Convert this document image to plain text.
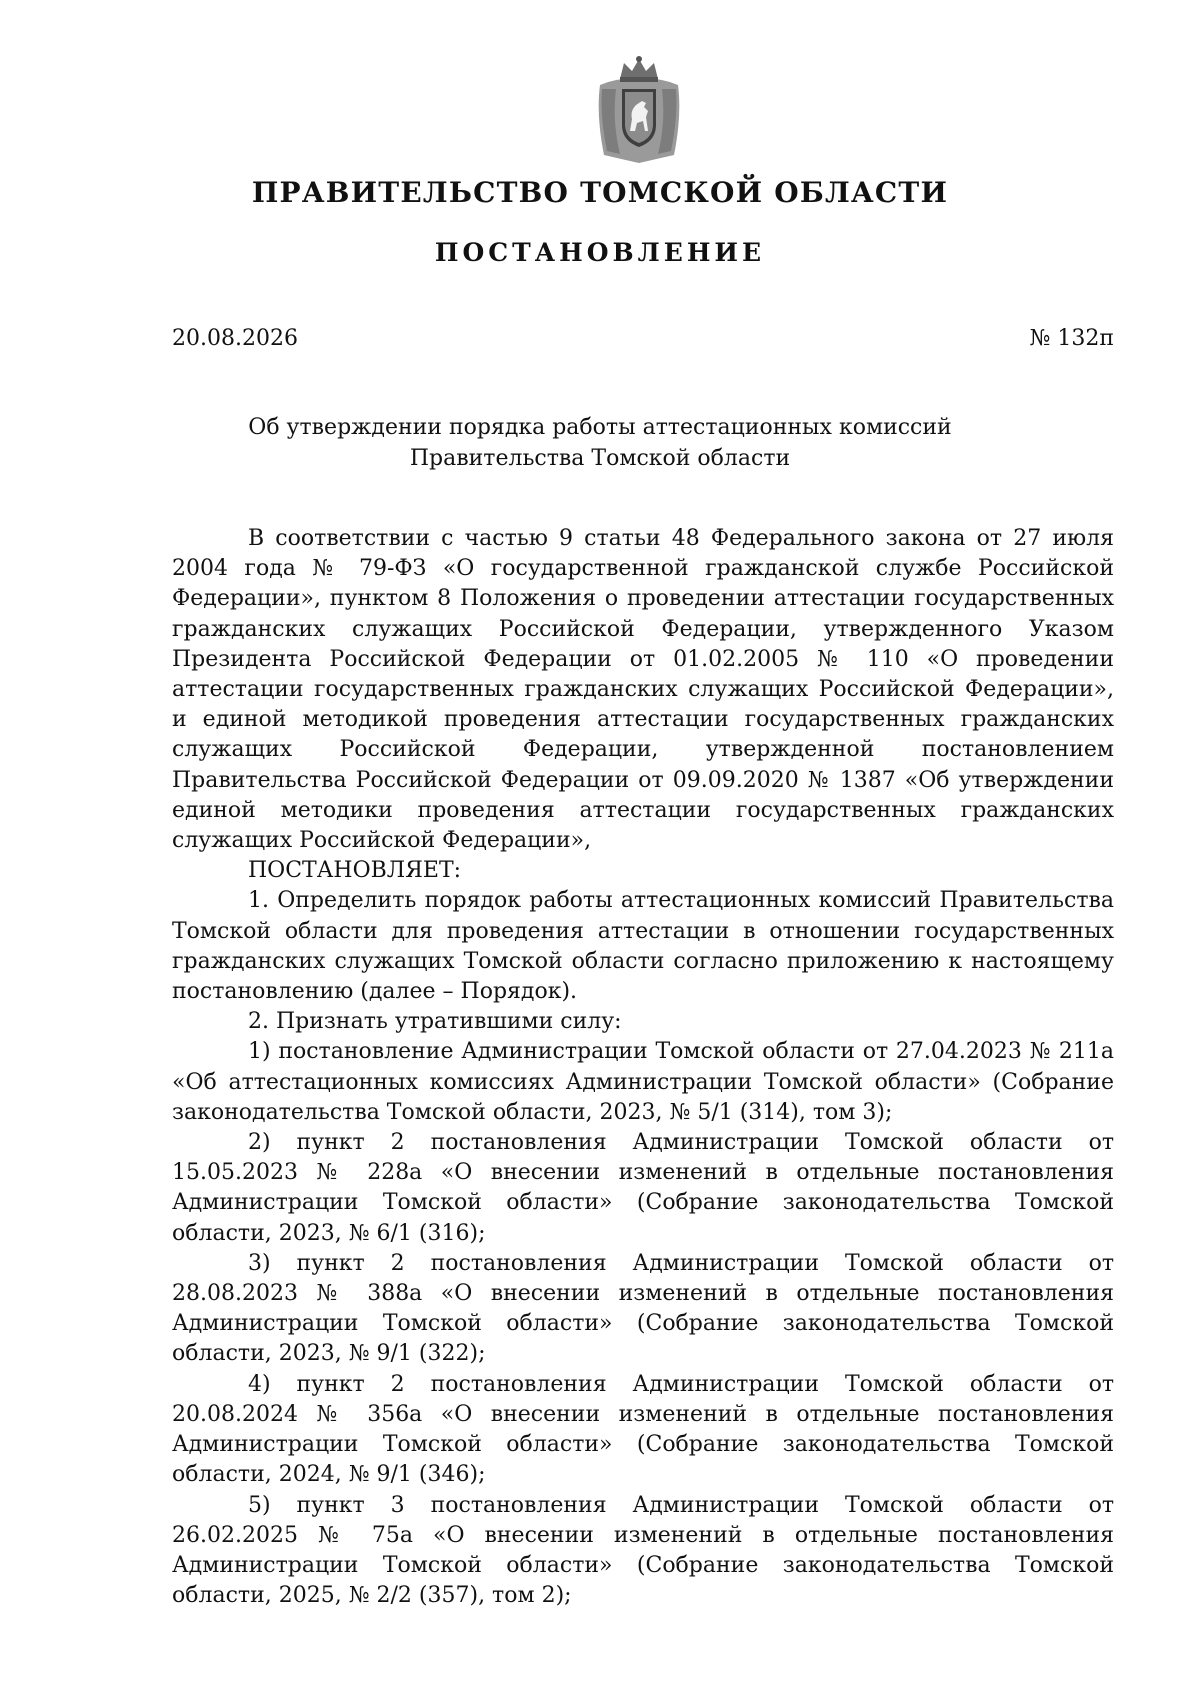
ПРАВИТЕЛЬСТВО ТОМСКОЙ ОБЛАСТИ
ПОСТАНОВЛЕНИЕ
20.08.2026	№ 132п
Об утверждении порядка работы аттестационных комиссий
Правительства Томской области

В соответствии с частью 9 статьи 48 Федерального закона от 27 июля 2004 года № 79-ФЗ «О государственной гражданской службе Российской Федерации», пунктом 8 Положения о проведении аттестации государственных гражданских служащих Российской Федерации, утвержденного Указом Президента Российской Федерации от 01.02.2005 № 110 «О проведении аттестации государственных гражданских служащих Российской Федерации», и единой методикой проведения аттестации государственных гражданских служащих Российской Федерации, утвержденной постановлением Правительства Российской Федерации от 09.09.2020 № 1387 «Об утверждении единой методики проведения аттестации государственных гражданских служащих Российской Федерации»,

ПОСТАНОВЛЯЕТ:

1. Определить порядок работы аттестационных комиссий Правительства Томской области для проведения аттестации в отношении государственных гражданских служащих Томской области согласно приложению к настоящему постановлению (далее – Порядок).

2. Признать утратившими силу:

1) постановление Администрации Томской области от 27.04.2023 № 211а «Об аттестационных комиссиях Администрации Томской области» (Собрание законодательства Томской области, 2023, № 5/1 (314), том 3);

2) пункт 2 постановления Администрации Томской области от 15.05.2023 № 228а «О внесении изменений в отдельные постановления Администрации Томской области» (Собрание законодательства Томской области, 2023, № 6/1 (316);

3) пункт 2 постановления Администрации Томской области от 28.08.2023 № 388а «О внесении изменений в отдельные постановления Администрации Томской области» (Собрание законодательства Томской области, 2023, № 9/1 (322);

4) пункт 2 постановления Администрации Томской области от 20.08.2024 № 356а «О внесении изменений в отдельные постановления Администрации Томской области» (Собрание законодательства Томской области, 2024, № 9/1 (346);

5) пункт 3 постановления Администрации Томской области от 26.02.2025 № 75а «О внесении изменений в отдельные постановления Администрации Томской области» (Собрание законодательства Томской области, 2025, № 2/2 (357), том 2);
